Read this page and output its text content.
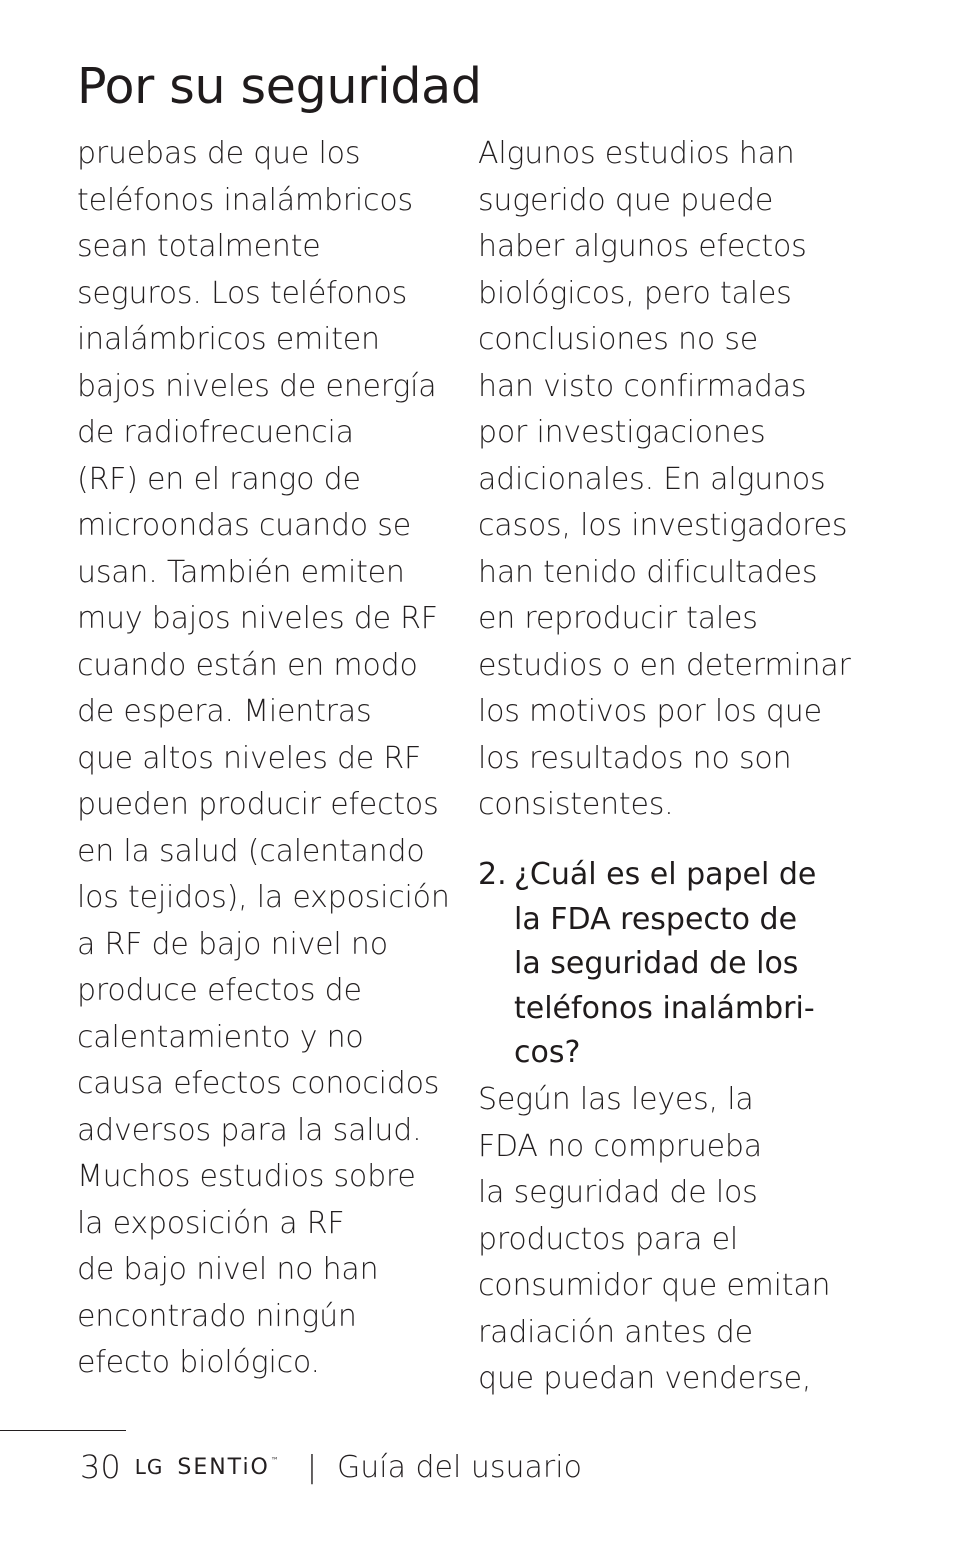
Por su seguridad

pruebas de que los
teléfonos inalámbricos
sean totalmente
seguros. Los teléfonos
inalámbricos emiten
bajos niveles de energía
de radiofrecuencia
(RF) en el rango de
microondas cuando se
usan. También emiten
muy bajos niveles de RF
cuando están en modo
de espera. Mientras
que altos niveles de RF
pueden producir efectos
en la salud (calentando
los tejidos), la exposición
a RF de bajo nivel no
produce efectos de
calentamiento y no
causa efectos conocidos
adversos para la salud.
Muchos estudios sobre
la exposición a RF
de bajo nivel no han
encontrado ningún
efecto biológico.

Algunos estudios han
sugerido que puede
haber algunos efectos
biológicos, pero tales
conclusiones no se
han visto confirmadas
por investigaciones
adicionales. En algunos
casos, los investigadores
han tenido dificultades
en reproducir tales
estudios o en determinar
los motivos por los que
los resultados no son
consistentes.

2. ¿Cuál es el papel de
la FDA respecto de
la seguridad de los
teléfonos inalámbri-
cos?

Según las leyes, la
FDA no comprueba
la seguridad de los
productos para el
consumidor que emitan
radiación antes de
que puedan venderse,

30 LG SENTiO ™ | Guía del usuario
